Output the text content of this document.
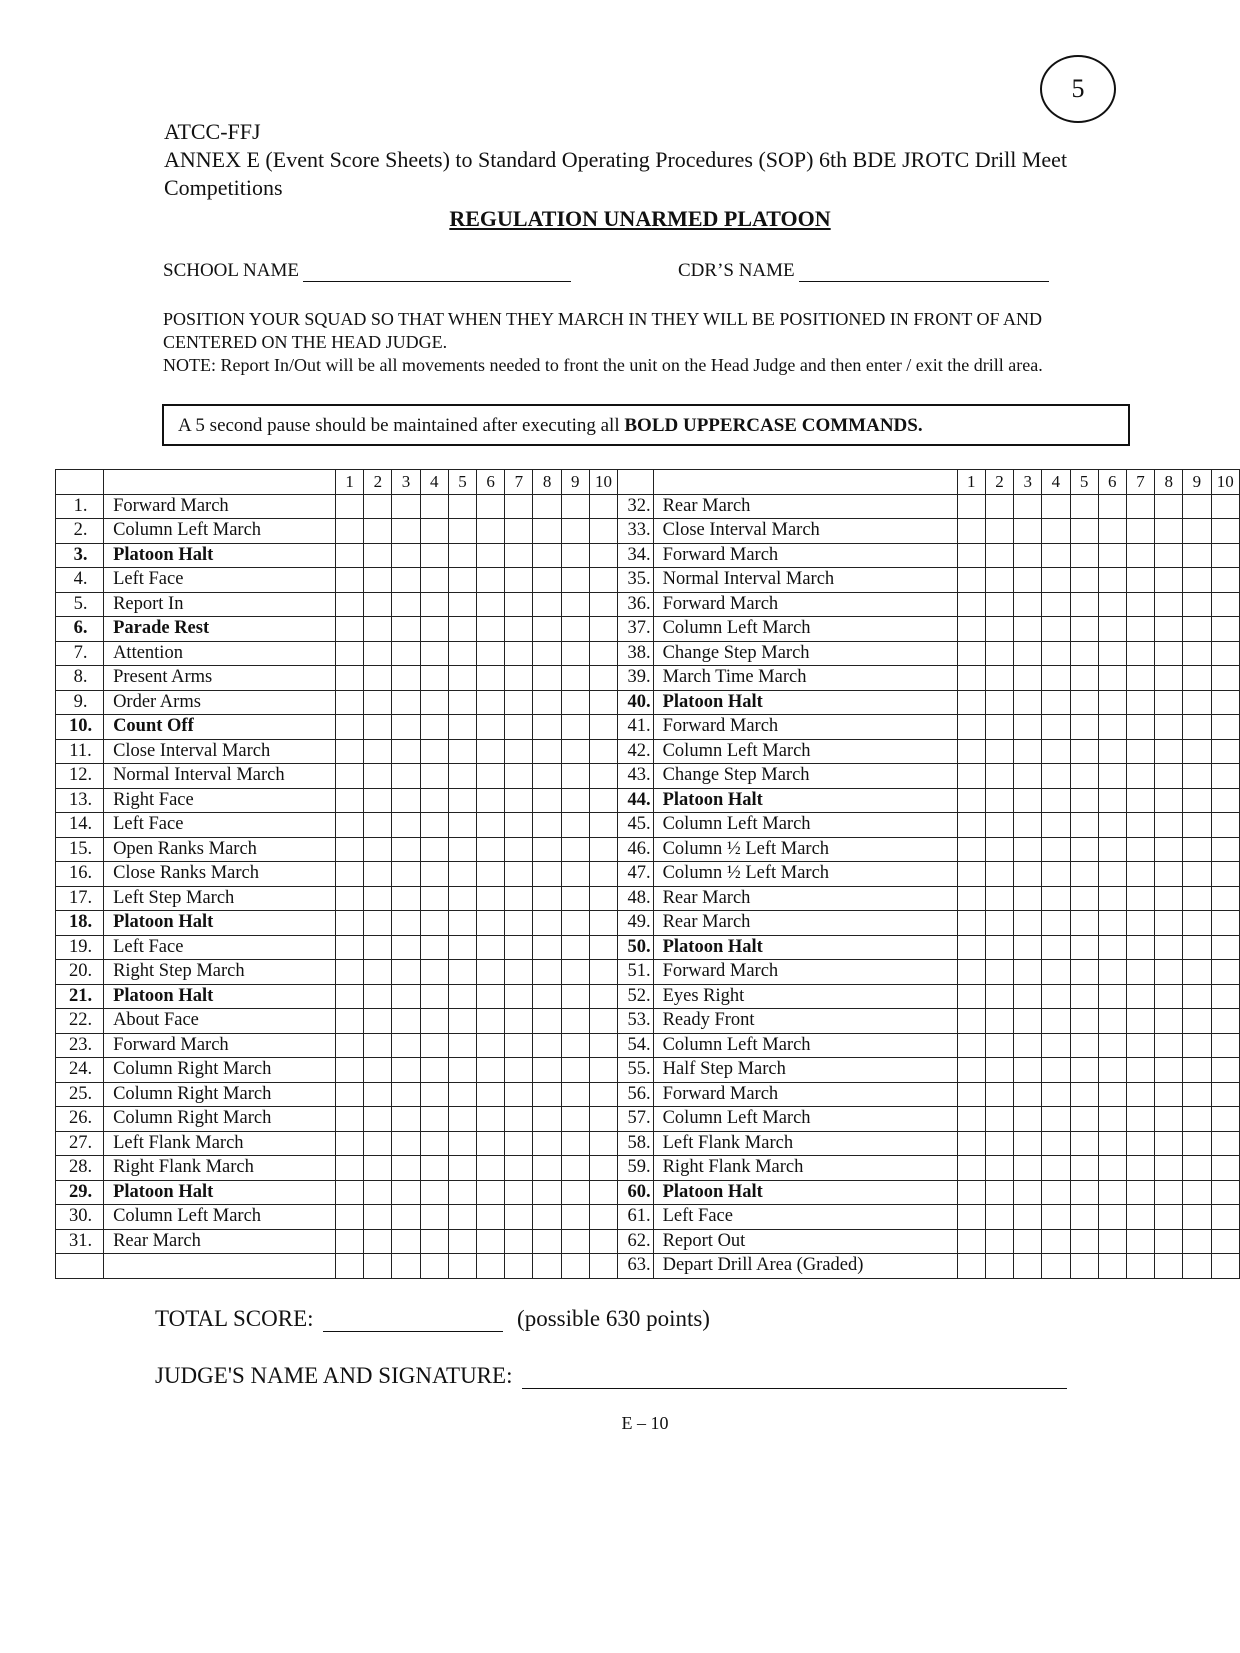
5
ATCC-FFJ
ANNEX E (Event Score Sheets) to Standard Operating Procedures (SOP) 6th BDE JROTC Drill Meet Competitions
REGULATION UNARMED PLATOON
SCHOOL NAME	CDR’S NAME
POSITION YOUR SQUAD SO THAT WHEN THEY MARCH IN THEY WILL BE POSITIONED IN FRONT OF AND CENTERED ON THE HEAD JUDGE.
NOTE: Report In/Out will be all movements needed to front the unit on the Head Judge and then enter / exit the drill area.
A 5 second pause should be maintained after executing all BOLD UPPERCASE COMMANDS.
		1	2	3	4	5	6	7	8	9	10			1	2	3	4	5	6	7	8	9	10
1.	Forward March											32.	Rear March										
2.	Column Left March											33.	Close Interval March										
3.	Platoon Halt											34.	Forward March										
4.	Left Face											35.	Normal Interval March										
5.	Report In											36.	Forward March										
6.	Parade Rest											37.	Column Left March										
7.	Attention											38.	Change Step March										
8.	Present Arms											39.	March Time March										
9.	Order Arms											40.	Platoon Halt										
10.	Count Off											41.	Forward March										
11.	Close Interval March											42.	Column Left March										
12.	Normal Interval March											43.	Change Step March										
13.	Right Face											44.	Platoon Halt										
14.	Left Face											45.	Column Left March										
15.	Open Ranks March											46.	Column ½ Left March										
16.	Close Ranks March											47.	Column ½ Left March										
17.	Left Step March											48.	Rear March										
18.	Platoon Halt											49.	Rear March										
19.	Left Face											50.	Platoon Halt										
20.	Right Step March											51.	Forward March										
21.	Platoon Halt											52.	Eyes Right										
22.	About Face											53.	Ready Front										
23.	Forward March											54.	Column Left March										
24.	Column Right March											55.	Half Step March										
25.	Column Right March											56.	Forward March										
26.	Column Right March											57.	Column Left March										
27.	Left Flank March											58.	Left Flank March										
28.	Right Flank March											59.	Right Flank March										
29.	Platoon Halt											60.	Platoon Halt										
30.	Column Left March											61.	Left Face										
31.	Rear March											62.	Report Out										
												63.	Depart Drill Area (Graded)										
TOTAL SCORE:	(possible 630 points)
JUDGE'S NAME AND SIGNATURE:
E – 10
